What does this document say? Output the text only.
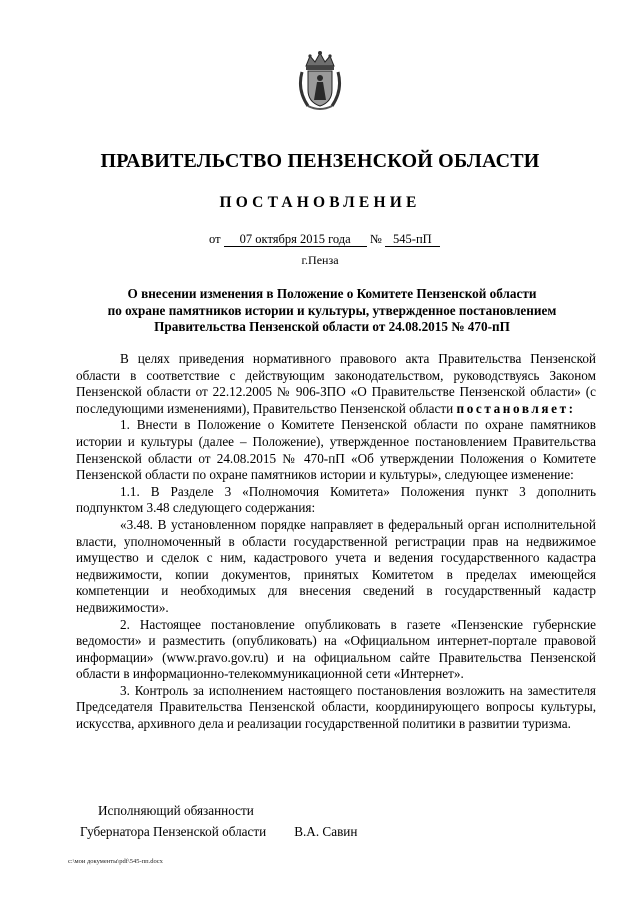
ПРАВИТЕЛЬСТВО ПЕНЗЕНСКОЙ ОБЛАСТИ
ПОСТАНОВЛЕНИЕ
от 07 октября 2015 года № 545-пП
г.Пенза
О внесении изменения в Положение о Комитете Пензенской области
по охране памятников истории и культуры, утвержденное постановлением
Правительства Пензенской области от 24.08.2015 № 470-пП

В целях приведения нормативного правового акта Правительства Пензенской области в соответствие с действующим законодательством, руководствуясь Законом Пензенской области от 22.12.2005 № 906-ЗПО «О Правительстве Пензенской области» (с последующими изменениями), Правительство Пензенской области постановляет:

1. Внести в Положение о Комитете Пензенской области по охране памятников истории и культуры (далее – Положение), утвержденное постановлением Правительства Пензенской области от 24.08.2015 № 470-пП «Об утверждении Положения о Комитете Пензенской области по охране памятников истории и культуры», следующее изменение:

1.1. В Разделе 3 «Полномочия Комитета» Положения пункт 3 дополнить подпунктом 3.48 следующего содержания:

«3.48. В установленном порядке направляет в федеральный орган исполнительной власти, уполномоченный в области государственной регистрации прав на недвижимое имущество и сделок с ним, кадастрового учета и ведения государственного кадастра недвижимости, копии документов, принятых Комитетом в пределах имеющейся компетенции и необходимых для внесения сведений в государственный кадастр недвижимости».

2. Настоящее постановление опубликовать в газете «Пензенские губернские ведомости» и разместить (опубликовать) на «Официальном интернет-портале правовой информации» (www.pravo.gov.ru) и на официальном сайте Правительства Пензенской области в информационно-телекоммуникационной сети «Интернет».

3. Контроль за исполнением настоящего постановления возложить на заместителя Председателя Правительства Пензенской области, координирующего вопросы культуры, искусства, архивного дела и реализации государственной политики в развитии туризма.

Исполняющий обязанности
Губернатора Пензенской области В.А. Савин
c:\мои документы\pdf\545-пп.docx
